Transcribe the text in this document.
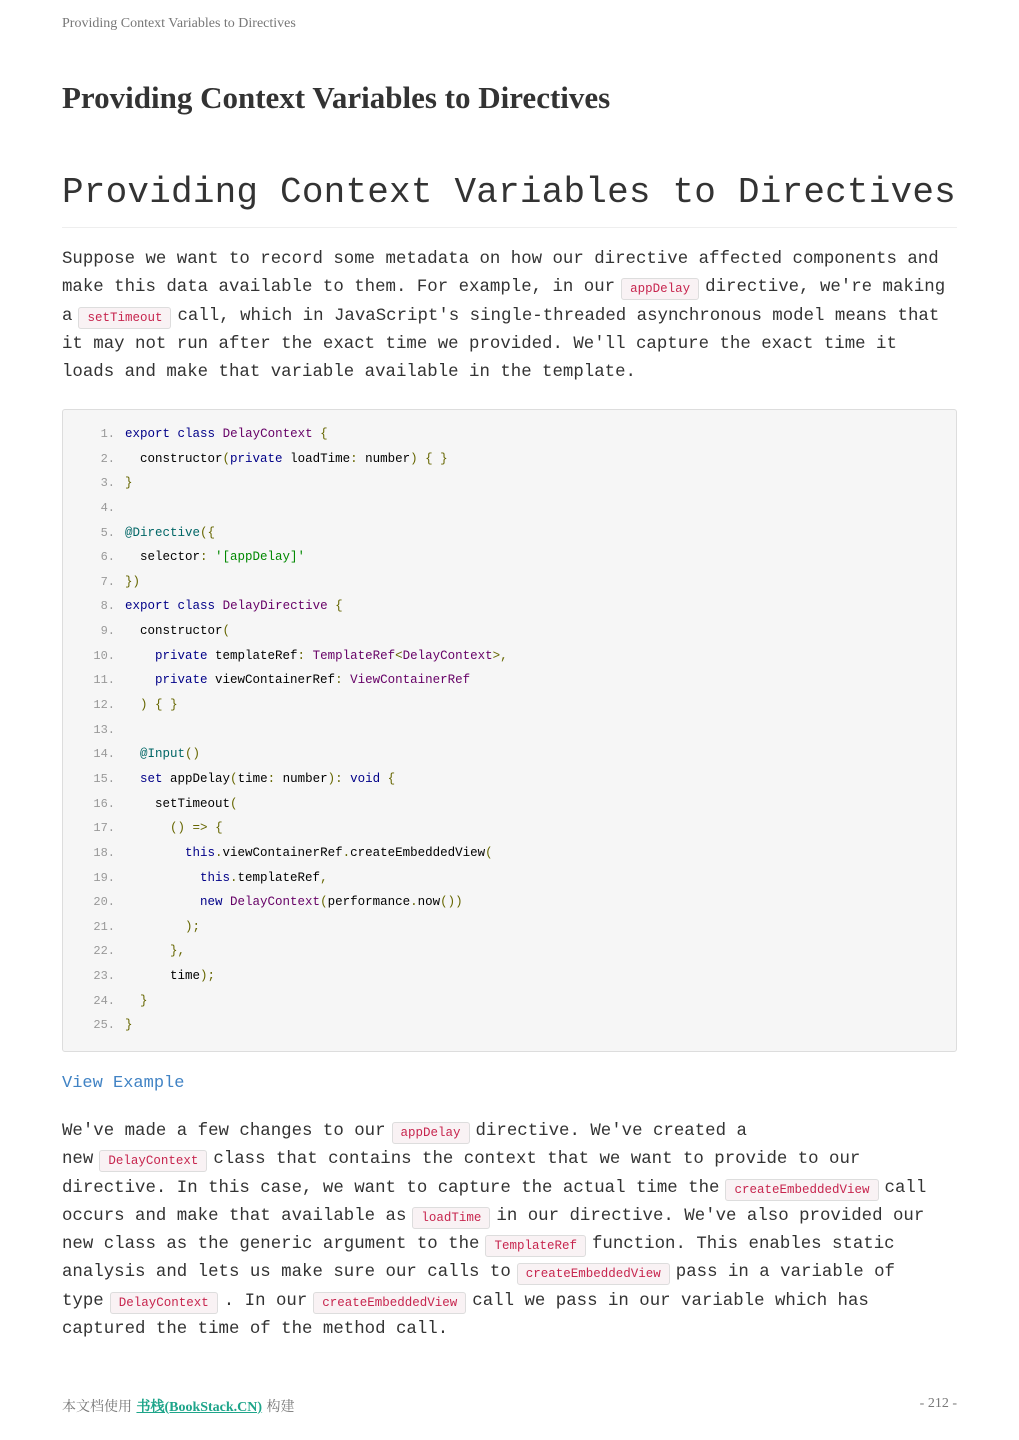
Providing Context Variables to Directives
Providing Context Variables to Directives
Providing Context Variables to Directives

Suppose we want to record some metadata on how our directive affected components and make this data available to them. For example, in our appDelay directive, we're making a setTimeout call, which in JavaScript's single-threaded asynchronous model means that it may not run after the exact time we provided. We'll capture the exact time it loads and make that variable available in the template.

1 .	export class DelayContext {
2 .	constructor(private loadTime: number) { }
3 .	}
4 .
5 .	@Directive({
6 .	selector: '[appDelay]'
7 .	})
8 .	export class DelayDirective {
9 .	constructor(
10 .	private templateRef: TemplateRef<DelayContext>,
11 .	private viewContainerRef: ViewContainerRef
12 .	) { }
13 .
14 .	@Input()
15 .	set appDelay(time: number): void {
16 .	setTimeout(
17 .	() => {
18 .	this.viewContainerRef.createEmbeddedView(
19 .	this.templateRef,
20 .	new DelayContext(performance.now())
21 .	);
22 .	},
23 .	time);
24 .	}
25 .	}
View Example

We've made a few changes to our appDelay directive. We've created a new DelayContext class that contains the context that we want to provide to our directive. In this case, we want to capture the actual time the createEmbeddedView call occurs and make that available as loadTime in our directive. We've also provided our new class as the generic argument to the TemplateRef function. This enables static analysis and lets us make sure our calls to createEmbeddedView pass in a variable of type DelayContext . In our createEmbeddedView call we pass in our variable which has captured the time of the method call.

本文档使用 书栈(BookStack.CN) 构建	- 212 -
